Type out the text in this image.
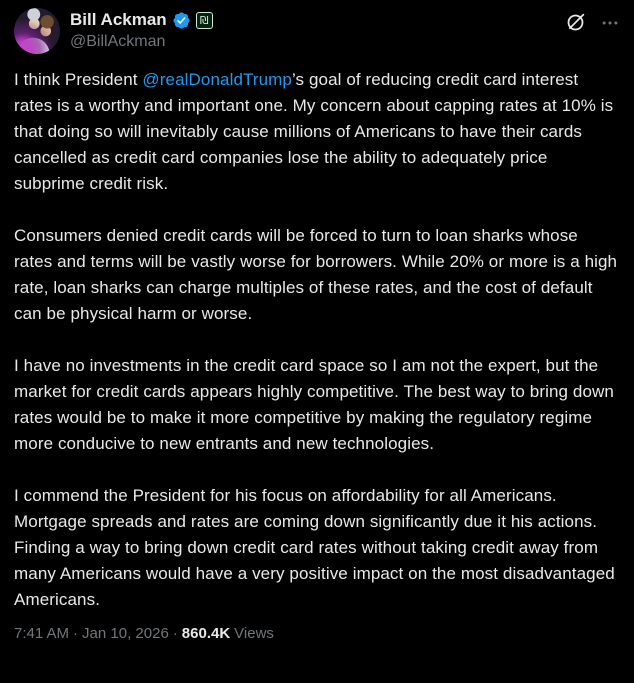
Bill Ackman	₪
@BillAckman

I think President @realDonaldTrump’s goal of reducing credit card interest rates is a worthy and important one. My concern about capping rates at 10% is that doing so will inevitably cause millions of Americans to have their cards cancelled as credit card companies lose the ability to adequately price subprime credit risk.

Consumers denied credit cards will be forced to turn to loan sharks whose rates and terms will be vastly worse for borrowers. While 20% or more is a high rate, loan sharks can charge multiples of these rates, and the cost of default can be physical harm or worse.

I have no investments in the credit card space so I am not the expert, but the market for credit cards appears highly competitive. The best way to bring down rates would be to make it more competitive by making the regulatory regime more conducive to new entrants and new technologies.

I commend the President for his focus on affordability for all Americans. Mortgage spreads and rates are coming down significantly due it his actions. Finding a way to bring down credit card rates without taking credit away from many Americans would have a very positive impact on the most disadvantaged Americans.

7:41 AM · Jan 10, 2026 · 860.4K Views
